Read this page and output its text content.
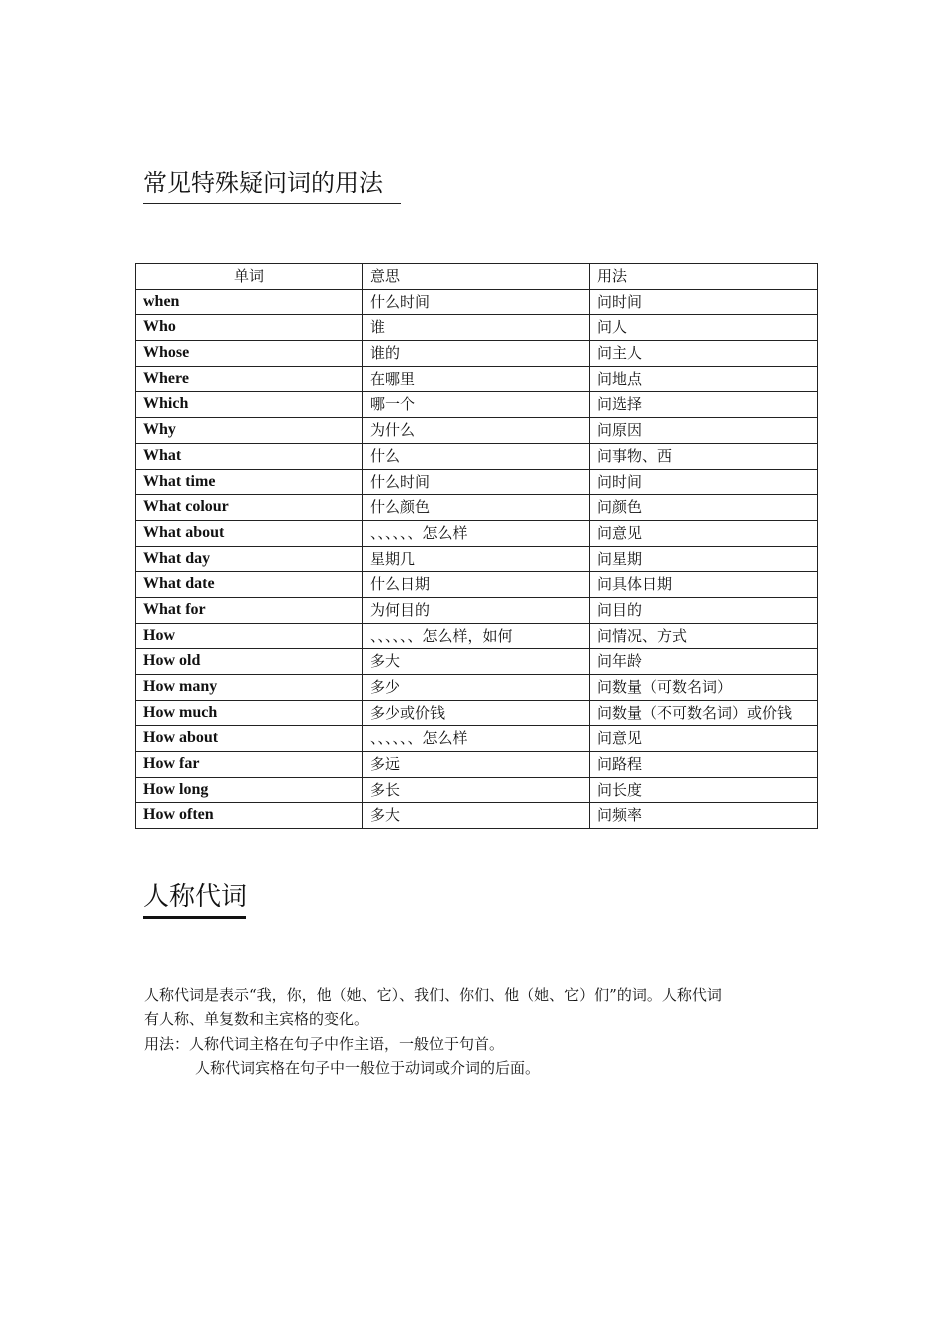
常见特殊疑问词的用法
单词	意思	用法
when	什么时间	问时间
Who	谁	问人
Whose	谁的	问主人
Where	在哪里	问地点
Which	哪一个	问选择
Why	为什么	问原因
What	什么	问事物、西
What time	什么时间	问时间
What colour	什么颜色	问颜色
What about	、、、、、、怎么样	问意见
What day	星期几	问星期
What date	什么日期	问具体日期
What for	为何目的	问目的
How	、、、、、、怎么样，如何	问情况、方式
How old	多大	问年龄
How many	多少	问数量（可数名词）
How much	多少或价钱	问数量（不可数名词）或价钱
How about	、、、、、、怎么样	问意见
How far	多远	问路程
How long	多长	问长度
How often	多大	问频率
人称代词

人称代词是表示“我，你，他（她、它）、我们、你们、他（她、它）们”的词。人称代词

有人称、单复数和主宾格的变化。

用法：人称代词主格在句子中作主语，一般位于句首。

人称代词宾格在句子中一般位于动词或介词的后面。
